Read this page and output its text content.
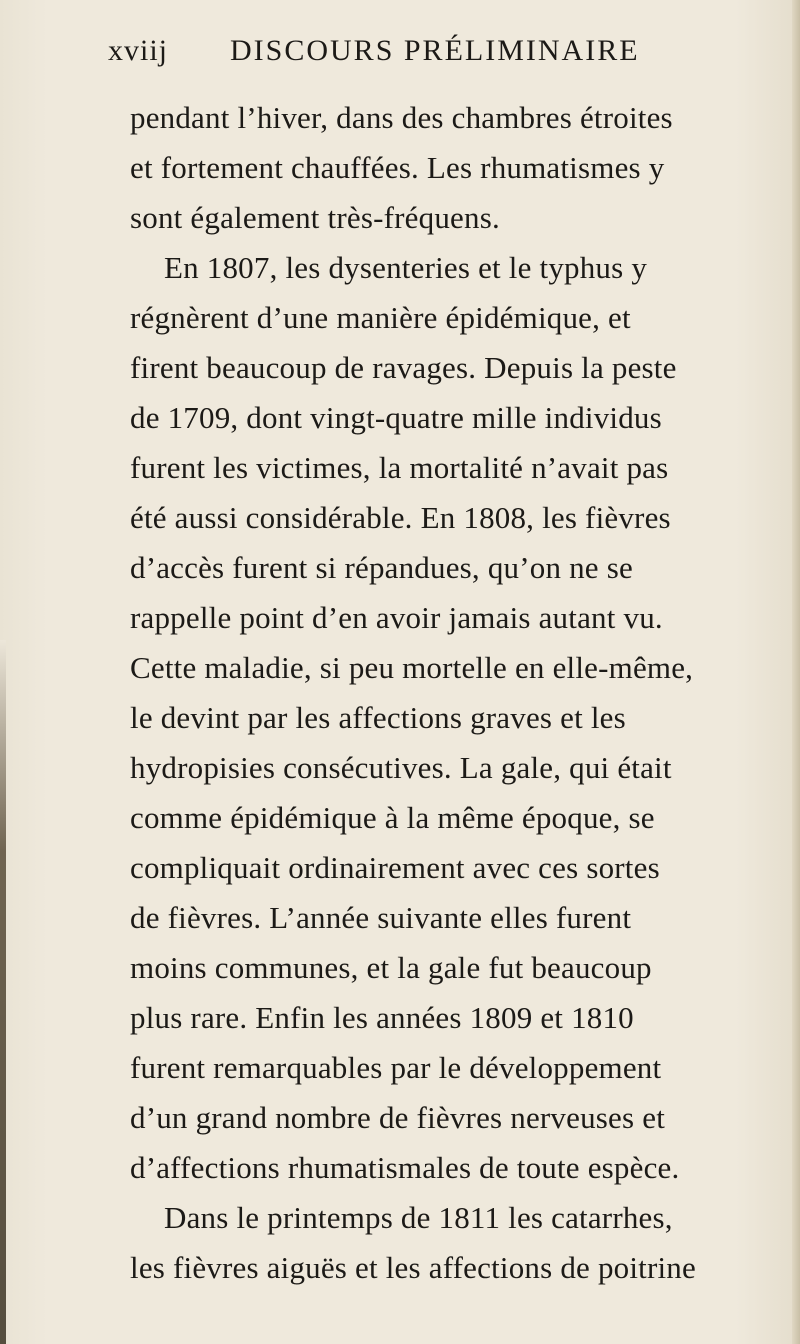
xviij DISCOURS PRÉLIMINAIRE
pendant l’hiver, dans des chambres étroites
et fortement chauffées. Les rhumatismes y
sont également très-fréquens.
En 1807, les dysenteries et le typhus y
régnèrent d’une manière épidémique, et
firent beaucoup de ravages. Depuis la peste
de 1709, dont vingt-quatre mille individus
furent les victimes, la mortalité n’avait pas
été aussi considérable. En 1808, les fièvres
d’accès furent si répandues, qu’on ne se
rappelle point d’en avoir jamais autant vu.
Cette maladie, si peu mortelle en elle-même,
le devint par les affections graves et les
hydropisies consécutives. La gale, qui était
comme épidémique à la même époque, se
compliquait ordinairement avec ces sortes
de fièvres. L’année suivante elles furent
moins communes, et la gale fut beaucoup
plus rare. Enfin les années 1809 et 1810
furent remarquables par le développement
d’un grand nombre de fièvres nerveuses et
d’affections rhumatismales de toute espèce.
Dans le printemps de 1811 les catarrhes,
les fièvres aiguës et les affections de poitrine
